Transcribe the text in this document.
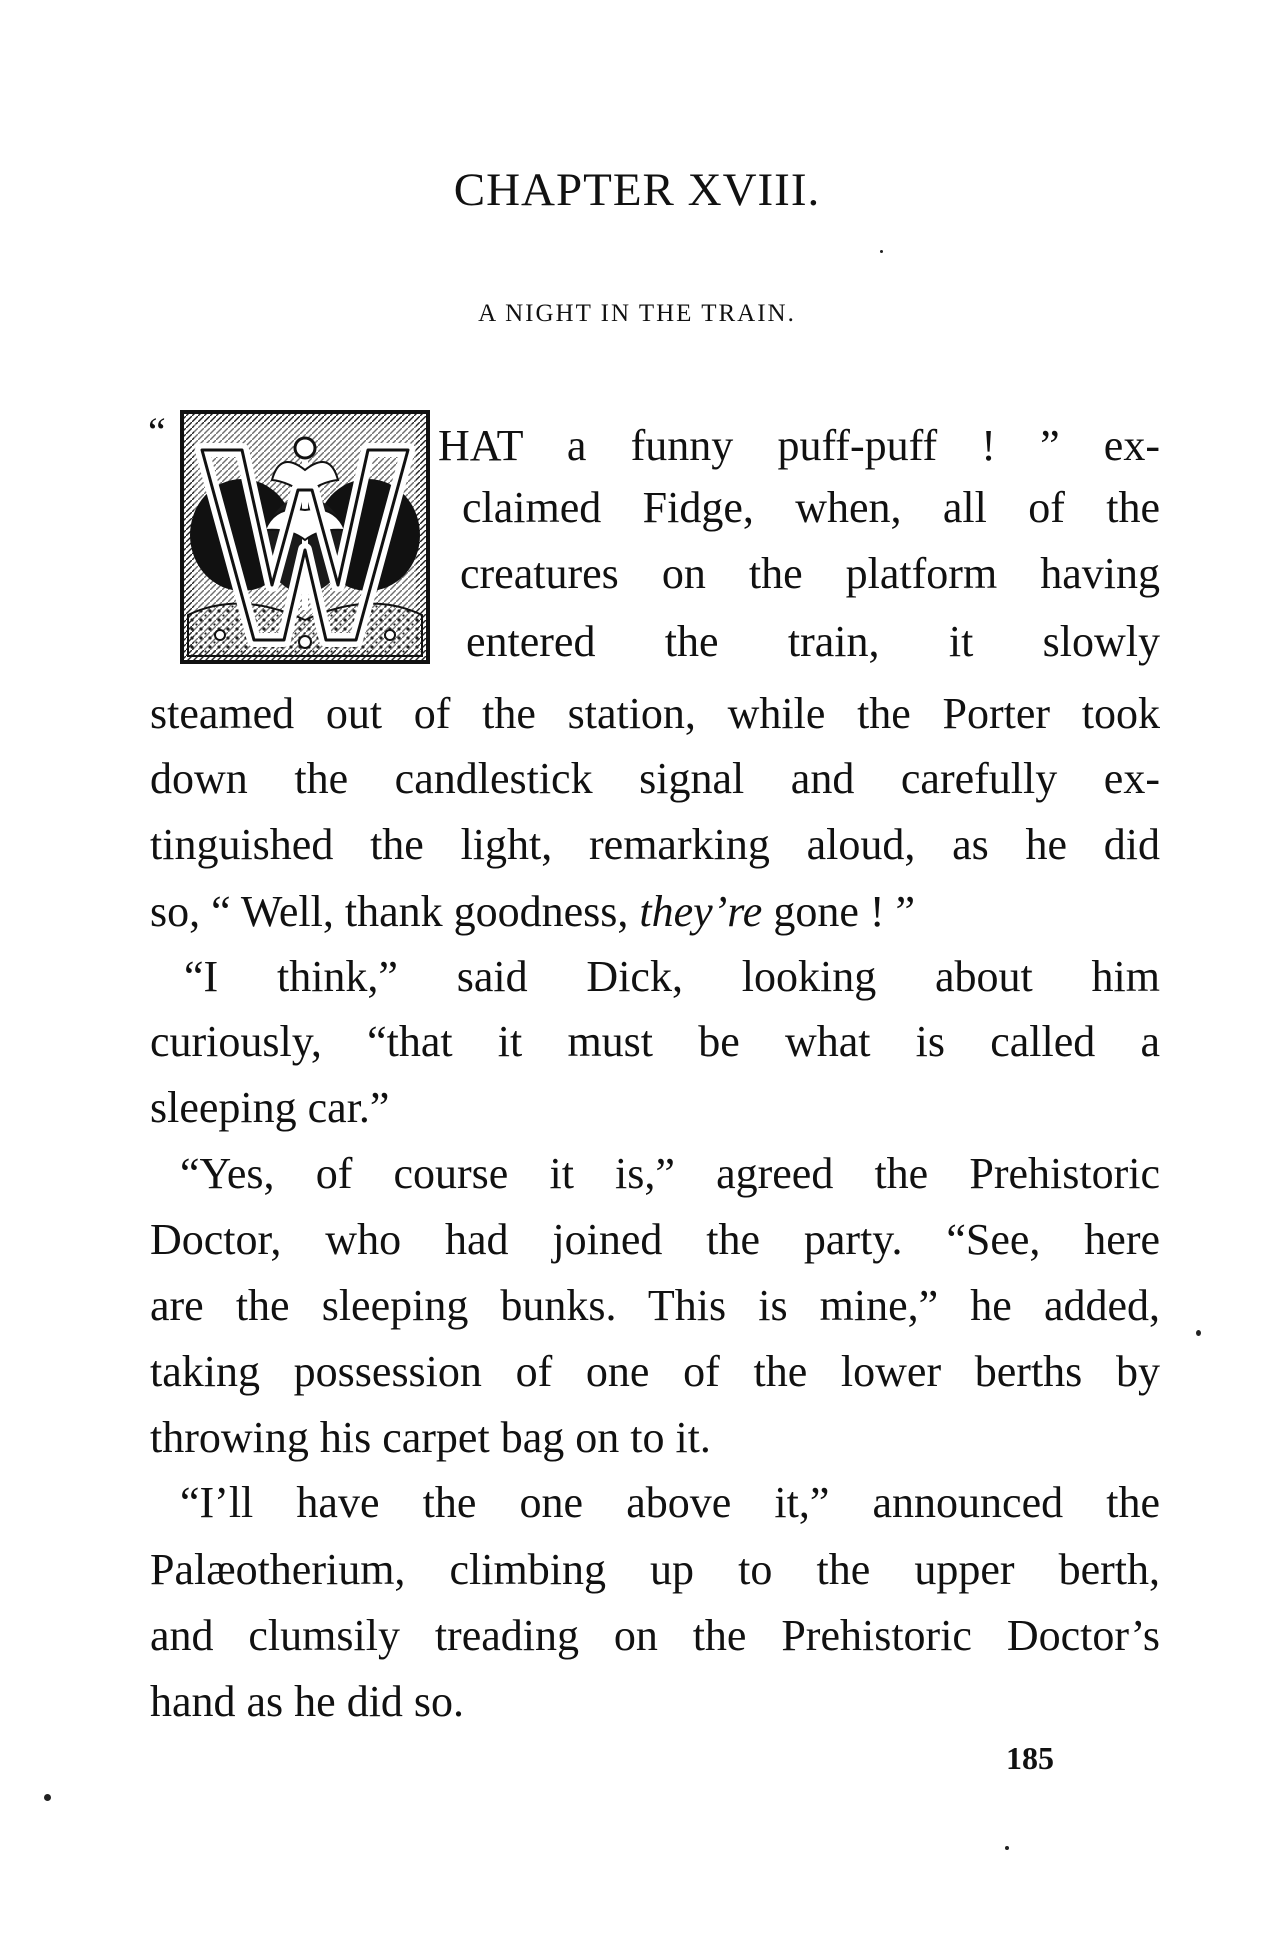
CHAPTER XVIII.
A NIGHT IN THE TRAIN.
“	HAT a funny puff-puff ! ” ex-
claimed Fidge, when, all of the
creatures on the platform having
entered the train, it slowly
steamed out of the station, while the Porter took
down the candlestick signal and carefully ex-
tinguished the light, remarking aloud, as he did
so, “ Well, thank goodness, they’re gone ! ”
“I think,” said Dick, looking about him
curiously, “that it must be what is called a
sleeping car.”
“Yes, of course it is,” agreed the Prehistoric
Doctor, who had joined the party. “See, here
are the sleeping bunks. This is mine,” he added,
taking possession of one of the lower berths by
throwing his carpet bag on to it.
“I’ll have the one above it,” announced the
Palæotherium, climbing up to the upper berth,
and clumsily treading on the Prehistoric Doctor’s
hand as he did so.
185
